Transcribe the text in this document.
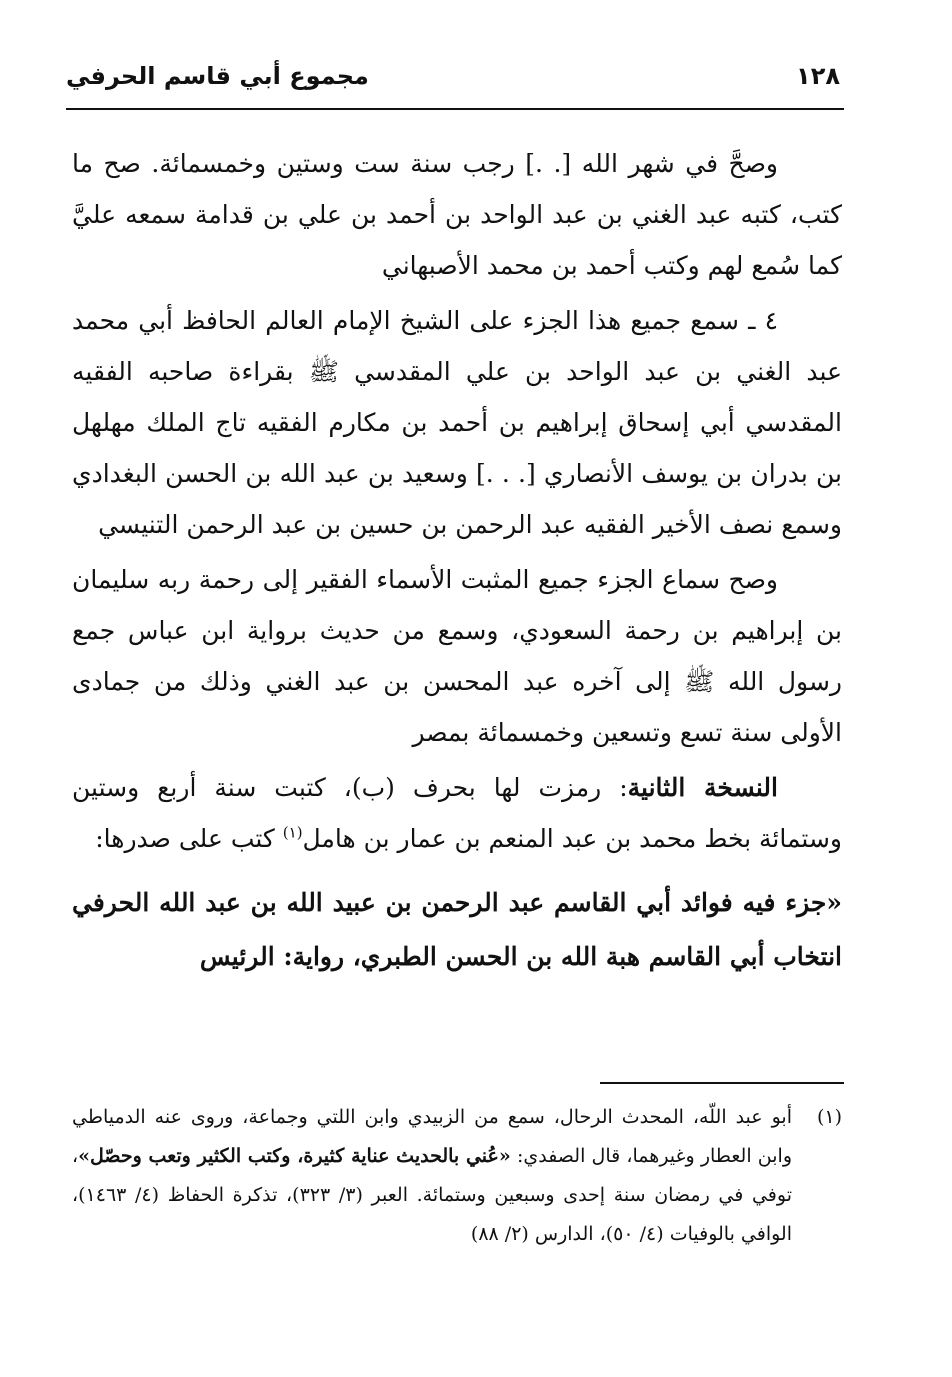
١٢٨
مجموع أبي قاسم الحرفي

وصحَّ في شهر الله [. .] رجب سنة ست وستين وخمسمائة. صح ما كتب، كتبه عبد الغني بن عبد الواحد بن أحمد بن علي بن قدامة سمعه عليَّ كما سُمع لهم وكتب أحمد بن محمد الأصبهاني

٤ ـ سمع جميع هذا الجزء على الشيخ الإمام العالم الحافظ أبي محمد عبد الغني بن عبد الواحد بن علي المقدسي ﷺ بقراءة صاحبه الفقيه المقدسي أبي إسحاق إبراهيم بن أحمد بن مكارم الفقيه تاج الملك مهلهل بن بدران بن يوسف الأنصاري [. . .] وسعيد بن عبد الله بن الحسن البغدادي وسمع نصف الأخير الفقيه عبد الرحمن بن حسين بن عبد الرحمن التنيسي

وصح سماع الجزء جميع المثبت الأسماء الفقير إلى رحمة ربه سليمان بن إبراهيم بن رحمة السعودي، وسمع من حديث برواية ابن عباس جمع رسول الله ﷺ إلى آخره عبد المحسن بن عبد الغني وذلك من جمادى الأولى سنة تسع وتسعين وخمسمائة بمصر

النسخة الثانية: رمزت لها بحرف (ب)، كتبت سنة أربع وستين وستمائة بخط محمد بن عبد المنعم بن عمار بن هامل$^{(١)}$ كتب على صدرها:

«جزء فيه فوائد أبي القاسم عبد الرحمن بن عبيد الله بن عبد الله الحرفي انتخاب أبي القاسم هبة الله بن الحسن الطبري، رواية: الرئيس

(١)
أبو عبد اللّه، المحدث الرحال، سمع من الزبيدي وابن اللتي وجماعة، وروى عنه الدمياطي وابن العطار وغيرهما، قال الصفدي: «عُني بالحديث عناية كثيرة، وكتب الكثير وتعب وحصّل»، توفي في رمضان سنة إحدى وسبعين وستمائة. العبر (٣/ ٣٢٣)، تذكرة الحفاظ (٤/ ١٤٦٣)، الوافي بالوفيات (٤/ ٥٠)، الدارس (٢/ ٨٨)
